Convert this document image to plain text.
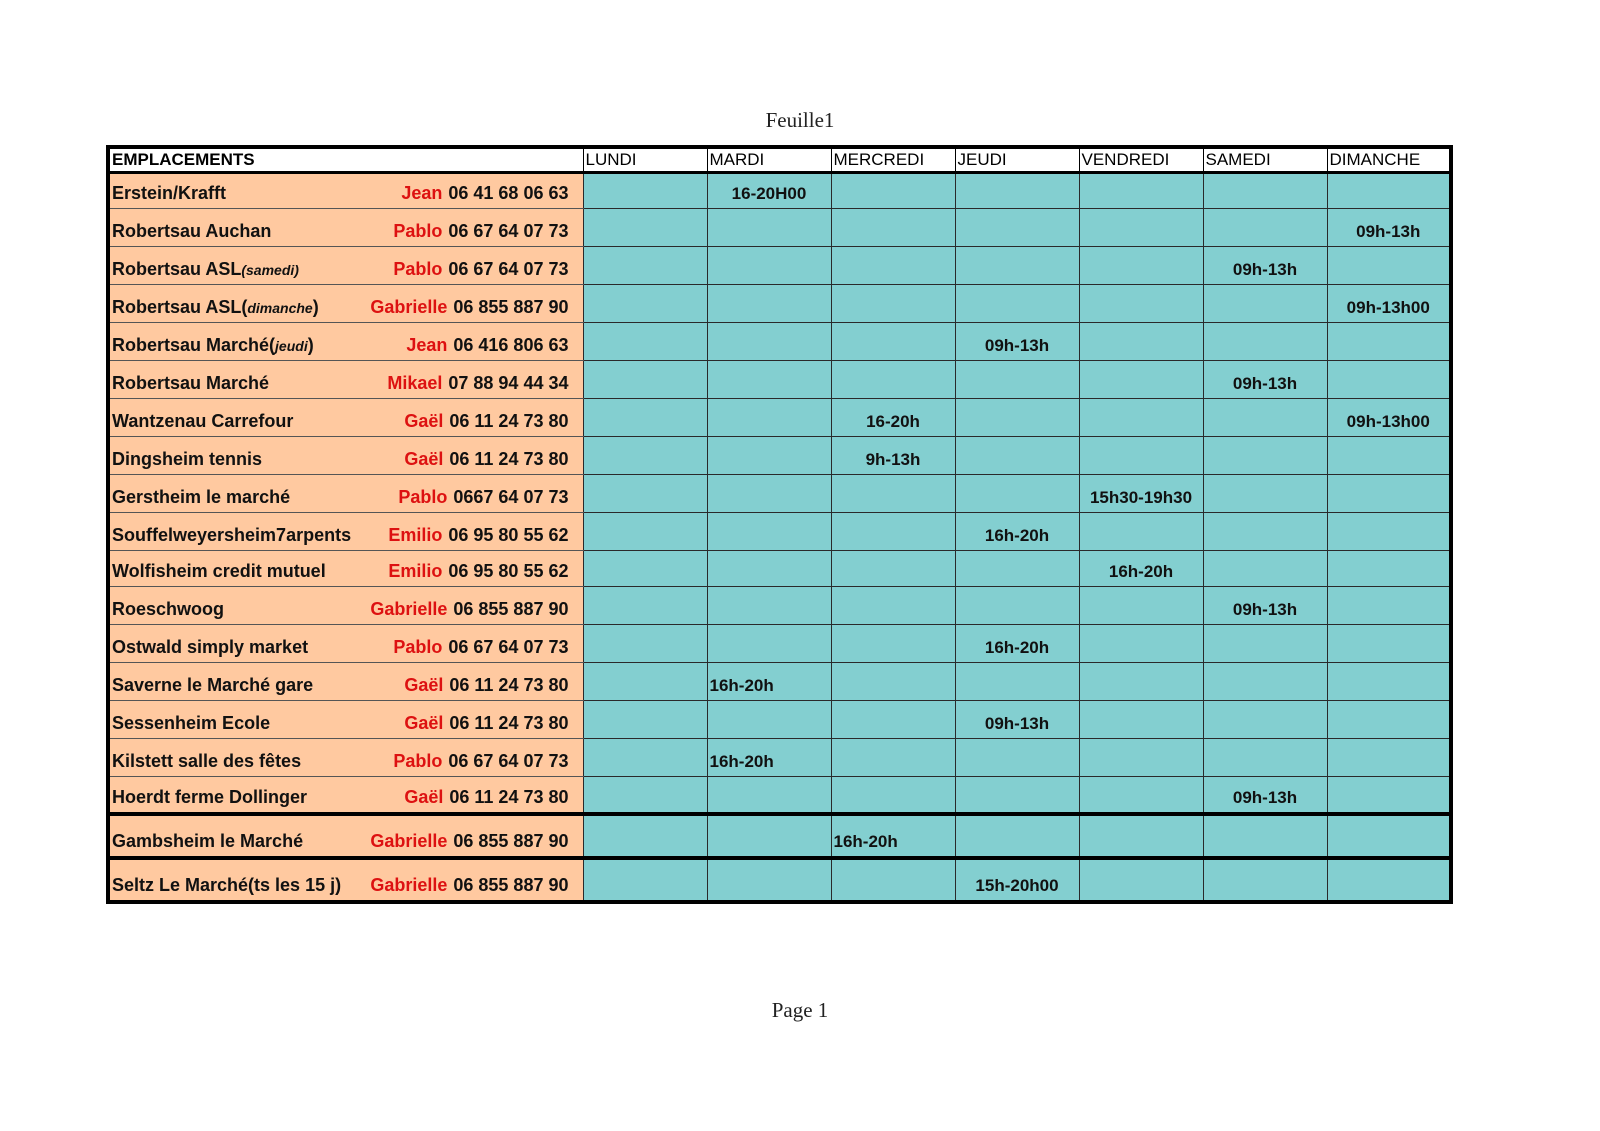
Feuille1
EMPLACEMENTS	LUNDI	MARDI	MERCREDI	JEUDI	VENDREDI	SAMEDI	DIMANCHE

Erstein/Krafft Jean 06 41 68 06 63		16-20H00					

Robertsau Auchan Pablo 06 67 64 07 73							09h-13h

Robertsau ASL(samedi) Pablo 06 67 64 07 73						09h-13h	

Robertsau ASL(dimanche) Gabrielle 06 855 887 90							09h-13h00

Robertsau Marché(jeudi) Jean 06 416 806 63				09h-13h			

Robertsau Marché Mikael 07 88 94 44 34						09h-13h	

Wantzenau Carrefour Gaël 06 11 24 73 80			16-20h				09h-13h00

Dingsheim tennis Gaël 06 11 24 73 80			9h-13h				

Gerstheim le marché Pablo 0667 64 07 73					15h30-19h30		

Souffelweyersheim7arpents Emilio 06 95 80 55 62				16h-20h			

Wolfisheim credit mutuel Emilio 06 95 80 55 62					16h-20h		

Roeschwoog Gabrielle 06 855 887 90						09h-13h	

Ostwald simply market Pablo 06 67 64 07 73				16h-20h			

Saverne le Marché gare Gaël 06 11 24 73 80		16h-20h					

Sessenheim Ecole Gaël 06 11 24 73 80				09h-13h			

Kilstett salle des fêtes Pablo 06 67 64 07 73		16h-20h					

Hoerdt ferme Dollinger Gaël 06 11 24 73 80						09h-13h	

Gambsheim le Marché Gabrielle 06 855 887 90			16h-20h				

Seltz Le Marché(ts les 15 j) Gabrielle 06 855 887 90				15h-20h00			
Page 1
